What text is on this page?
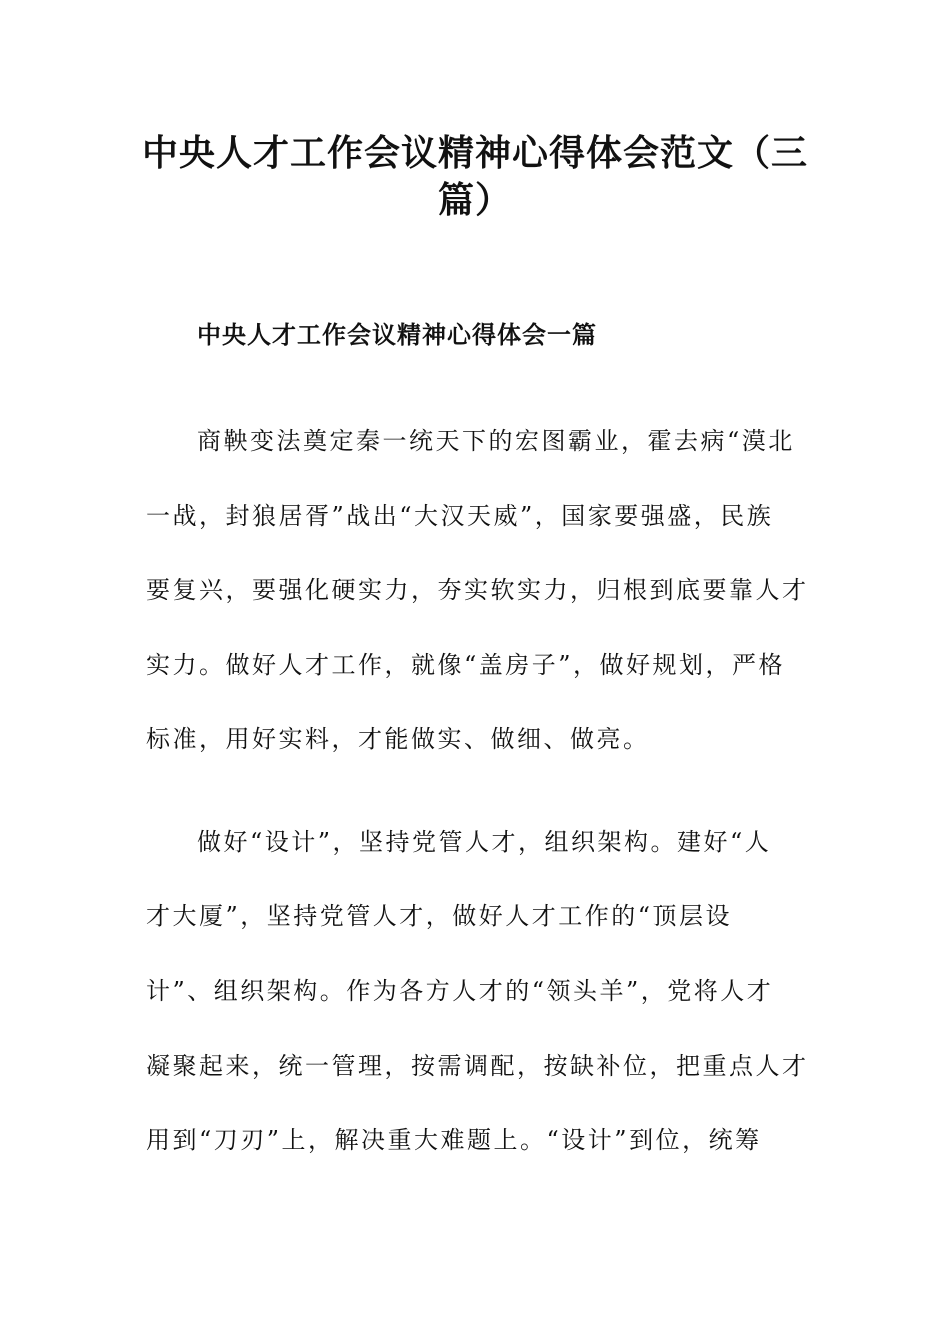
中央人才工作会议精神心得体会范文（三
篇）
中央人才工作会议精神心得体会一篇
商鞅变法奠定秦一统天下的宏图霸业，霍去病“漠北
一战，封狼居胥”战出“大汉天威”，国家要强盛，民族
要复兴，要强化硬实力，夯实软实力，归根到底要靠人才
实力。做好人才工作，就像“盖房子”，做好规划，严格
标准，用好实料，才能做实、做细、做亮。
做好“设计”，坚持党管人才，组织架构。建好“人
才大厦”，坚持党管人才，做好人才工作的“顶层设
计”、组织架构。作为各方人才的“领头羊”，党将人才
凝聚起来，统一管理，按需调配，按缺补位，把重点人才
用到“刀刃”上，解决重大难题上。“设计”到位，统筹
